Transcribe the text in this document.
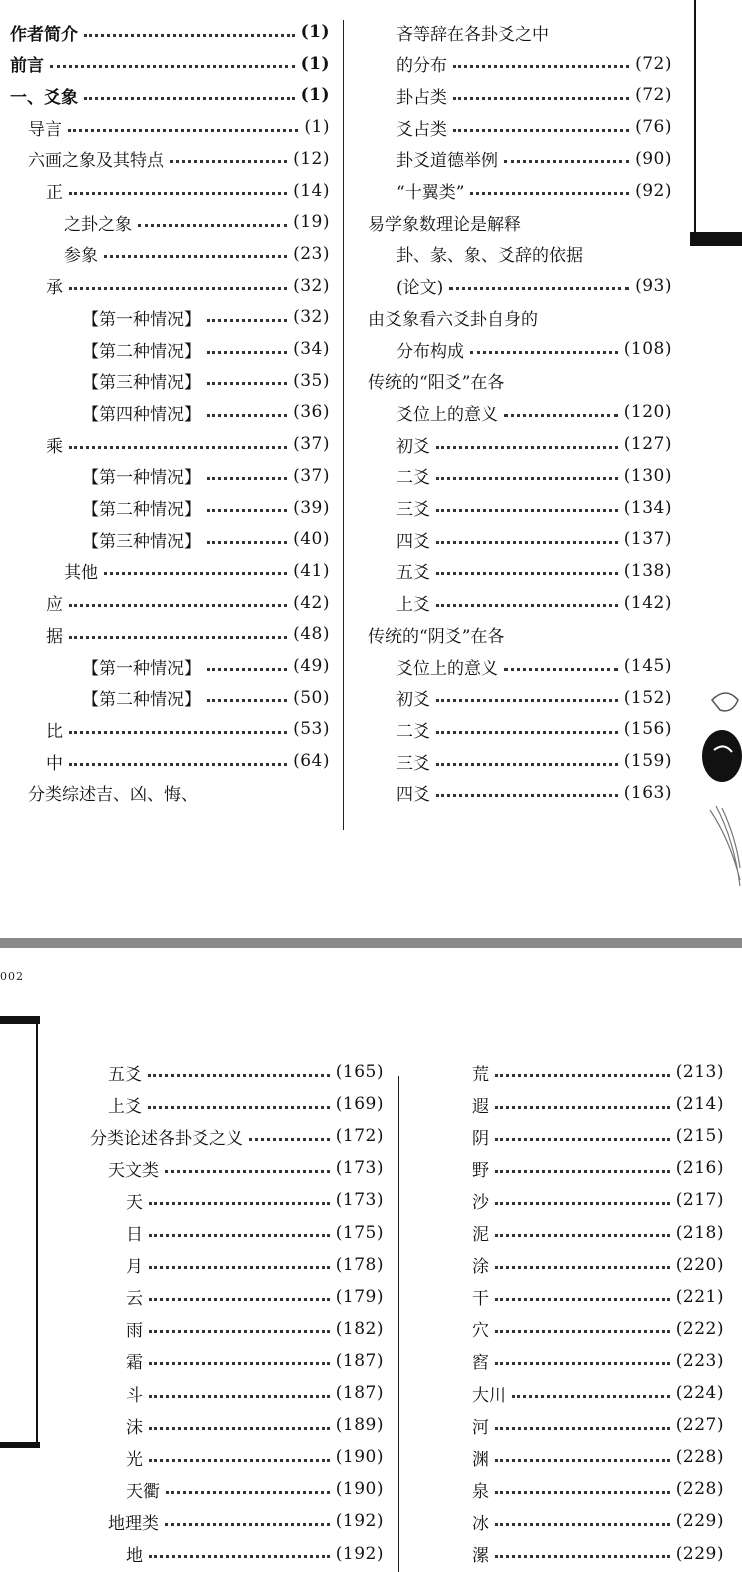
作者简介	(1)
前言	(1)
一、爻象	(1)
导言	(1)
六画之象及其特点	(12)
正	(14)
之卦之象	(19)
参象	(23)
承	(32)
【第一种情况】	(32)
【第二种情况】	(34)
【第三种情况】	(35)
【第四种情况】	(36)
乘	(37)
【第一种情况】	(37)
【第二种情况】	(39)
【第三种情况】	(40)
其他	(41)
应	(42)
据	(48)
【第一种情况】	(49)
【第二种情况】	(50)
比	(53)
中	(64)
分类综述吉、凶、悔、
吝等辞在各卦爻之中
的分布	(72)
卦占类	(72)
爻占类	(76)
卦爻道德举例	(90)
“十翼类”	(92)
易学象数理论是解释
卦、彖、象、爻辞的依据
(论文)	(93)
由爻象看六爻卦自身的
分布构成	(108)
传统的“阳爻”在各
爻位上的意义	(120)
初爻	(127)
二爻	(130)
三爻	(134)
四爻	(137)
五爻	(138)
上爻	(142)
传统的“阴爻”在各
爻位上的意义	(145)
初爻	(152)
二爻	(156)
三爻	(159)
四爻	(163)
002
五爻	(165)
上爻	(169)
分类论述各卦爻之义	(172)
天文类	(173)
天	(173)
日	(175)
月	(178)
云	(179)
雨	(182)
霜	(187)
斗	(187)
沫	(189)
光	(190)
天衢	(190)
地理类	(192)
地	(192)
荒	(213)
遐	(214)
阴	(215)
野	(216)
沙	(217)
泥	(218)
涂	(220)
干	(221)
穴	(222)
窞	(223)
大川	(224)
河	(227)
渊	(228)
泉	(228)
冰	(229)
漯	(229)
